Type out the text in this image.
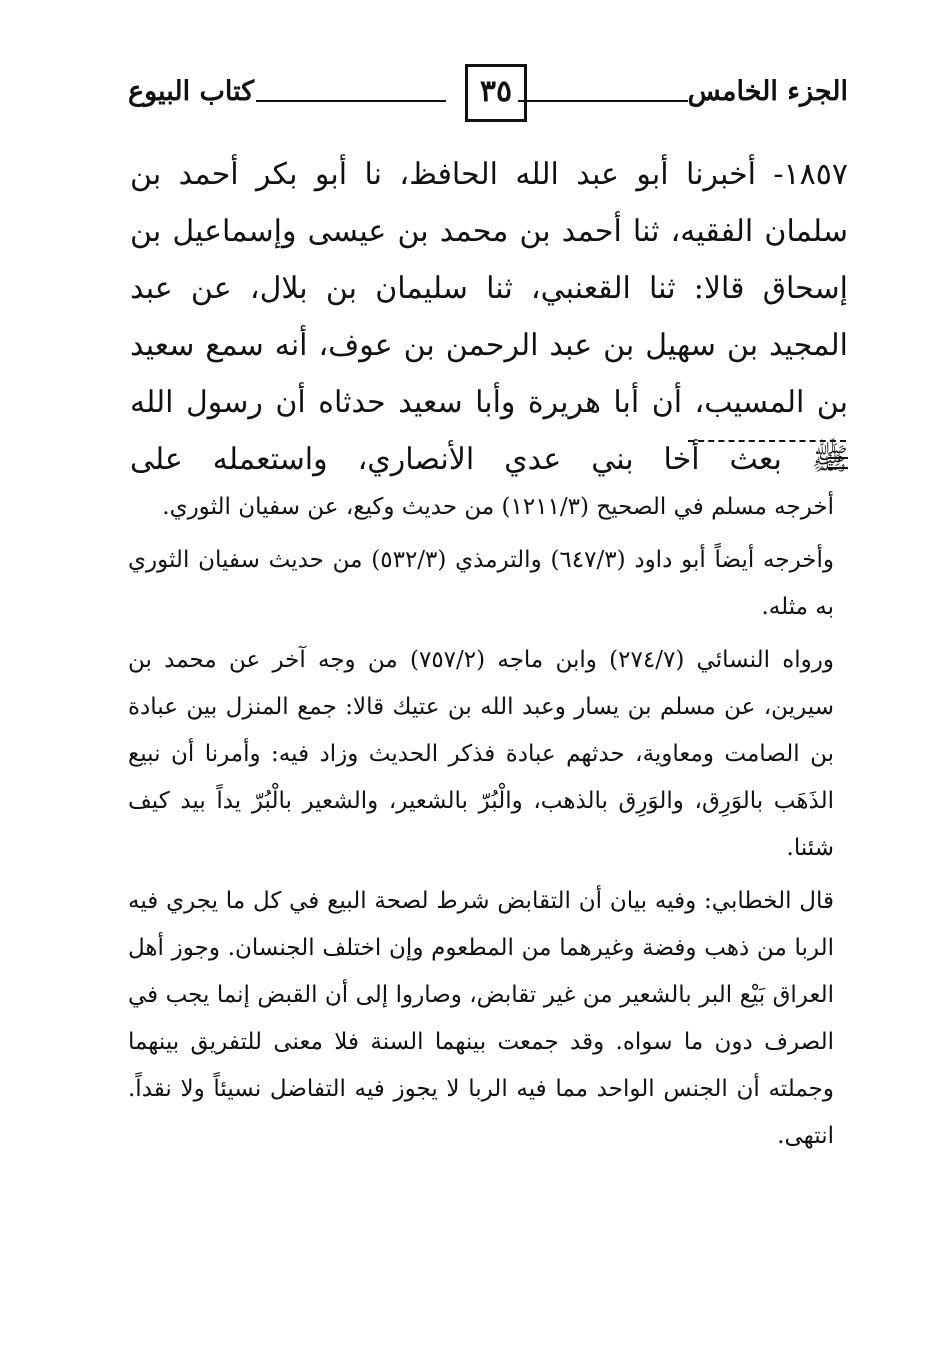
الجزء الخامس
٣٥
كتاب البيوع

١٨٥٧- أخبرنا أبو عبد الله الحافظ، نا أبو بكر أحمد بن سلمان الفقيه، ثنا أحمد بن محمد بن عيسى وإسماعيل بن إسحاق قالا: ثنا القعنبي، ثنا سليمان بن بلال، عن عبد المجيد بن سهيل بن عبد الرحمن بن عوف، أنه سمع سعيد بن المسيب، أن أبا هريرة وأبا سعيد حدثاه أن رسول الله ﷺ بعث أخا بني عدي الأنصاري، واستعمله على

أخرجه مسلم في الصحيح (١٢١١/٣) من حديث وكيع، عن سفيان الثوري.

وأخرجه أيضاً أبو داود (٦٤٧/٣) والترمذي (٥٣٢/٣) من حديث سفيان الثوري به مثله.

ورواه النسائي (٢٧٤/٧) وابن ماجه (٧٥٧/٢) من وجه آخر عن محمد بن سيرين، عن مسلم بن يسار وعبد الله بن عتيك قالا: جمع المنزل بين عبادة بن الصامت ومعاوية، حدثهم عبادة فذكر الحديث وزاد فيه: وأمرنا أن نبيع الذَهَب بالوَرِق، والوَرِق بالذهب، والْبُرّ بالشعير، والشعير بالْبُرّ يداً بيد كيف شئنا.

قال الخطابي: وفيه بيان أن التقابض شرط لصحة البيع في كل ما يجري فيه الربا من ذهب وفضة وغيرهما من المطعوم وإن اختلف الجنسان. وجوز أهل العراق بَيْع البر بالشعير من غير تقابض، وصاروا إلى أن القبض إنما يجب في الصرف دون ما سواه. وقد جمعت بينهما السنة فلا معنى للتفريق بينهما وجملته أن الجنس الواحد مما فيه الربا لا يجوز فيه التفاضل نسيئاً ولا نقداً. انتهى.
